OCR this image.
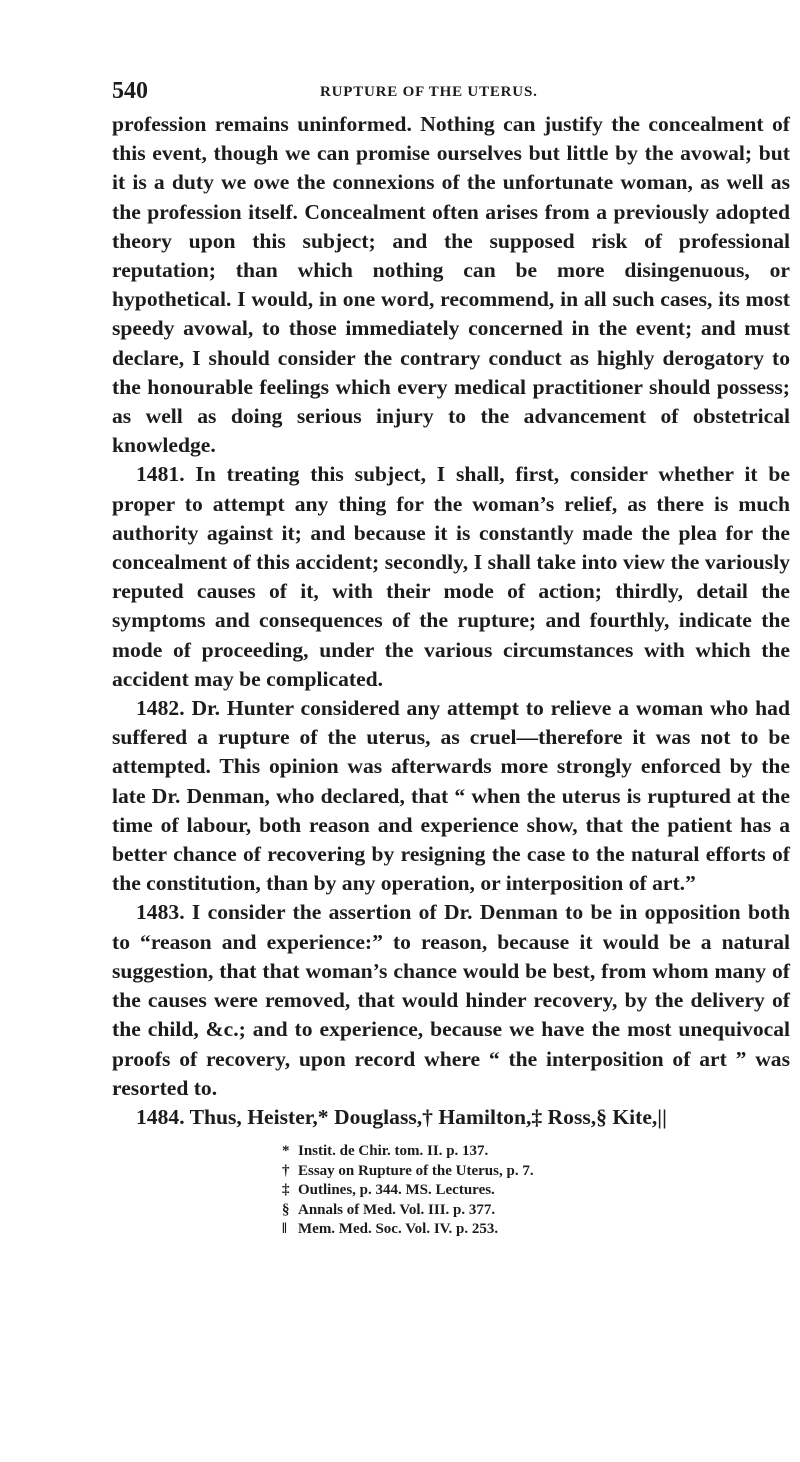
540	RUPTURE OF THE UTERUS.

profession remains uninformed. Nothing can justify the concealment of this event, though we can promise ourselves but little by the avowal; but it is a duty we owe the connexions of the unfortunate woman, as well as the profession itself. Concealment often arises from a previously adopted theory upon this subject; and the supposed risk of professional reputation; than which nothing can be more disingenuous, or hypothetical. I would, in one word, recommend, in all such cases, its most speedy avowal, to those immediately concerned in the event; and must declare, I should consider the contrary conduct as highly derogatory to the honourable feelings which every medical practitioner should possess; as well as doing serious injury to the advancement of obstetrical knowledge.

1481. In treating this subject, I shall, first, consider whether it be proper to attempt any thing for the woman’s relief, as there is much authority against it; and because it is constantly made the plea for the concealment of this accident; secondly, I shall take into view the variously reputed causes of it, with their mode of action; thirdly, detail the symptoms and consequences of the rupture; and fourthly, indicate the mode of proceeding, under the various circumstances with which the accident may be complicated.

1482. Dr. Hunter considered any attempt to relieve a woman who had suffered a rupture of the uterus, as cruel—therefore it was not to be attempted. This opinion was afterwards more strongly enforced by the late Dr. Denman, who declared, that “ when the uterus is ruptured at the time of labour, both reason and experience show, that the patient has a better chance of recovering by resigning the case to the natural efforts of the constitution, than by any operation, or interposition of art.”

1483. I consider the assertion of Dr. Denman to be in opposition both to “reason and experience:” to reason, because it would be a natural suggestion, that that woman’s chance would be best, from whom many of the causes were removed, that would hinder recovery, by the delivery of the child, &c.; and to experience, because we have the most unequivocal proofs of recovery, upon record where “ the interposition of art ” was resorted to.

1484. Thus, Heister,* Douglass,† Hamilton,‡ Ross,§ Kite,||

* Instit. de Chir. tom. II. p. 137.
† Essay on Rupture of the Uterus, p. 7.
‡ Outlines, p. 344. MS. Lectures.
§ Annals of Med. Vol. III. p. 377.
‖ Mem. Med. Soc. Vol. IV. p. 253.
